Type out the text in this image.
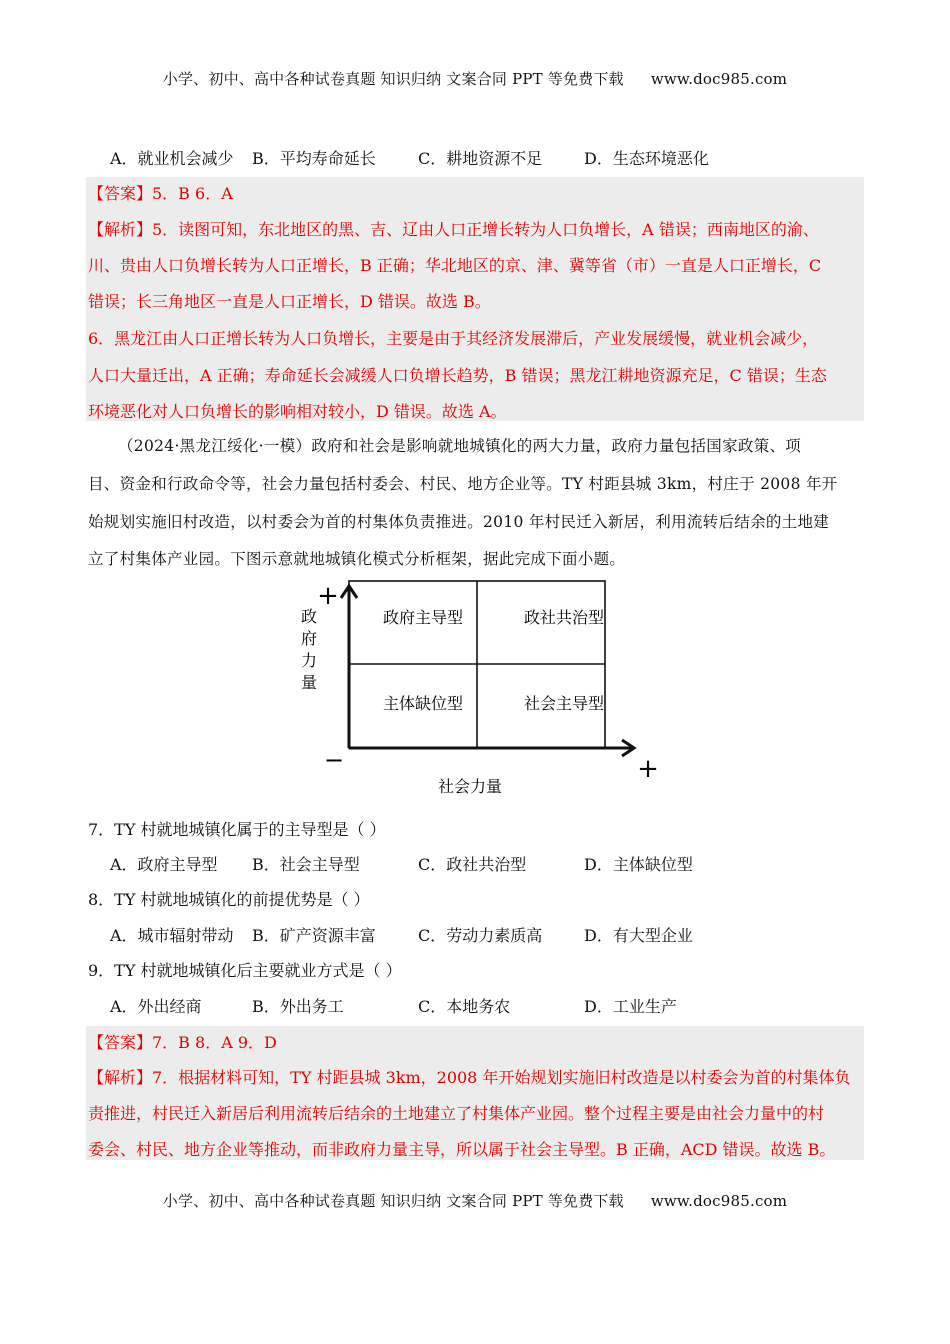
小学、初中、高中各种试卷真题 知识归纳 文案合同 PPT 等免费下载 www.doc985.com
A．就业机会减少 B．平均寿命延长	C．耕地资源不足	D．生态环境恶化
【答案】5．B 6．A
【解析】5．读图可知，东北地区的黑、吉、辽由人口正增长转为人口负增长，A 错误；西南地区的渝、
川、贵由人口负增长转为人口正增长，B 正确；华北地区的京、津、冀等省（市）一直是人口正增长，C
错误；长三角地区一直是人口正增长，D 错误。故选 B。
6．黑龙江由人口正增长转为人口负增长，主要是由于其经济发展滞后，产业发展缓慢，就业机会减少，
人口大量迁出，A 正确；寿命延长会减缓人口负增长趋势，B 错误；黑龙江耕地资源充足，C 错误；生态
环境恶化对人口负增长的影响相对较小，D 错误。故选 A。
（2024·黑龙江绥化·一模）政府和社会是影响就地城镇化的两大力量，政府力量包括国家政策、项
目、资金和行政命令等，社会力量包括村委会、村民、地方企业等。TY 村距县城 3km，村庄于 2008 年开
始规划实施旧村改造，以村委会为首的村集体负责推进。2010 年村民迁入新居，利用流转后结余的土地建
立了村集体产业园。下图示意就地城镇化模式分析框架，据此完成下面小题。
政府主导型	政社共治型
主体缺位型	社会主导型
+
+
−
政
府
力
量
社会力量
7．TY 村就地城镇化属于的主导型是（ ）
A．政府主导型 B．社会主导型	C．政社共治型	D．主体缺位型
8．TY 村就地城镇化的前提优势是（ ）
A．城市辐射带动 B．矿产资源丰富	C．劳动力素质高	D．有大型企业
9．TY 村就地城镇化后主要就业方式是（ ）
A．外出经商	B．外出务工	C．本地务农	D．工业生产
【答案】7．B 8．A 9．D
【解析】7．根据材料可知，TY 村距县城 3km，2008 年开始规划实施旧村改造是以村委会为首的村集体负
责推进，村民迁入新居后利用流转后结余的土地建立了村集体产业园。整个过程主要是由社会力量中的村
委会、村民、地方企业等推动，而非政府力量主导，所以属于社会主导型。B 正确，ACD 错误。故选 B。
小学、初中、高中各种试卷真题 知识归纳 文案合同 PPT 等免费下载 www.doc985.com
